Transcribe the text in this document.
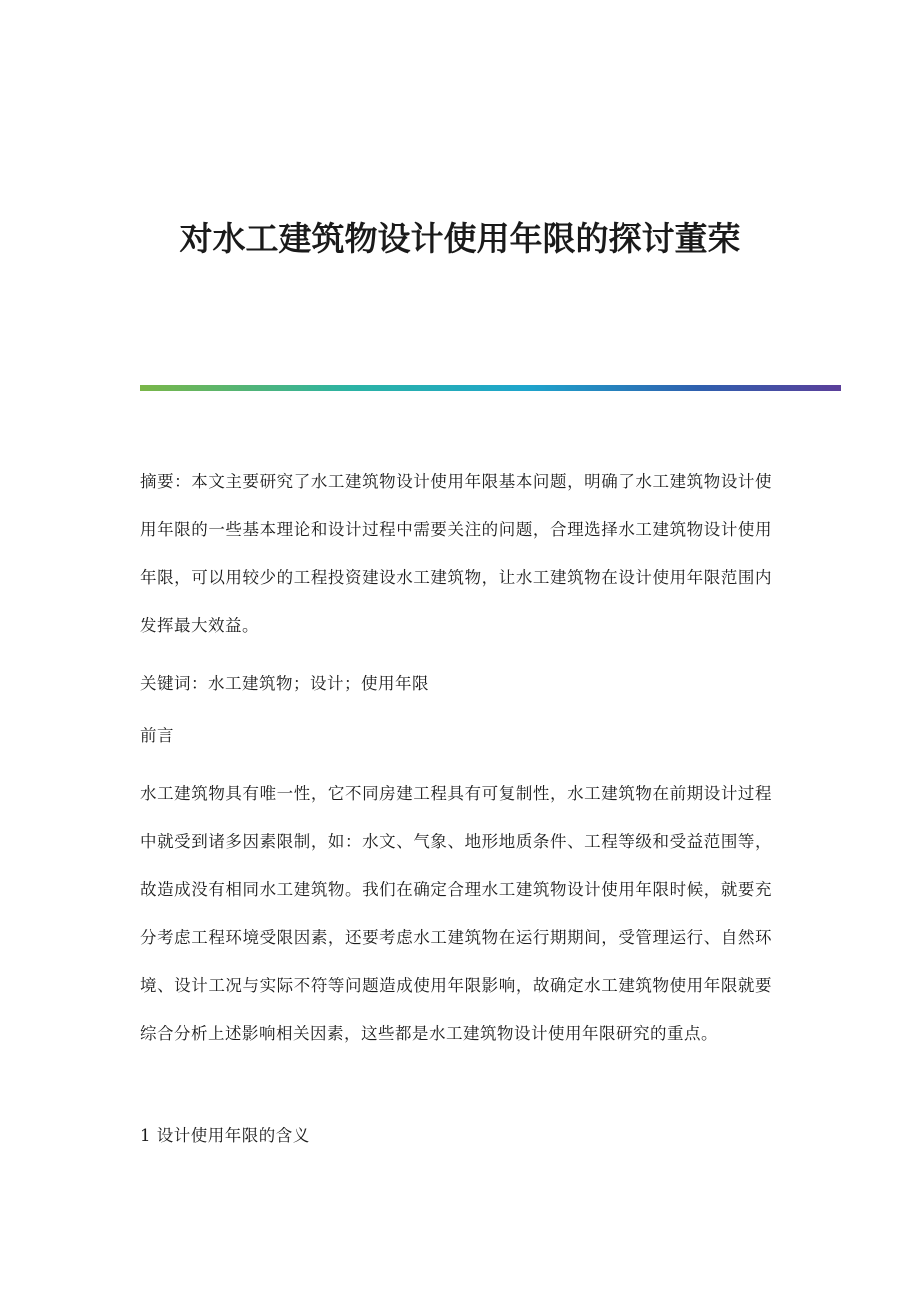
对水工建筑物设计使用年限的探讨董荣
摘要：本文主要研究了水工建筑物设计使用年限基本问题，明确了水工建筑物设计使用年限的一些基本理论和设计过程中需要关注的问题，合理选择水工建筑物设计使用年限，可以用较少的工程投资建设水工建筑物，让水工建筑物在设计使用年限范围内发挥最大效益。
关键词：水工建筑物；设计；使用年限
前言
水工建筑物具有唯一性，它不同房建工程具有可复制性，水工建筑物在前期设计过程中就受到诸多因素限制，如：水文、气象、地形地质条件、工程等级和受益范围等，故造成没有相同水工建筑物。我们在确定合理水工建筑物设计使用年限时候，就要充分考虑工程环境受限因素，还要考虑水工建筑物在运行期期间，受管理运行、自然环境、设计工况与实际不符等问题造成使用年限影响，故确定水工建筑物使用年限就要综合分析上述影响相关因素，这些都是水工建筑物设计使用年限研究的重点。
1 设计使用年限的含义
